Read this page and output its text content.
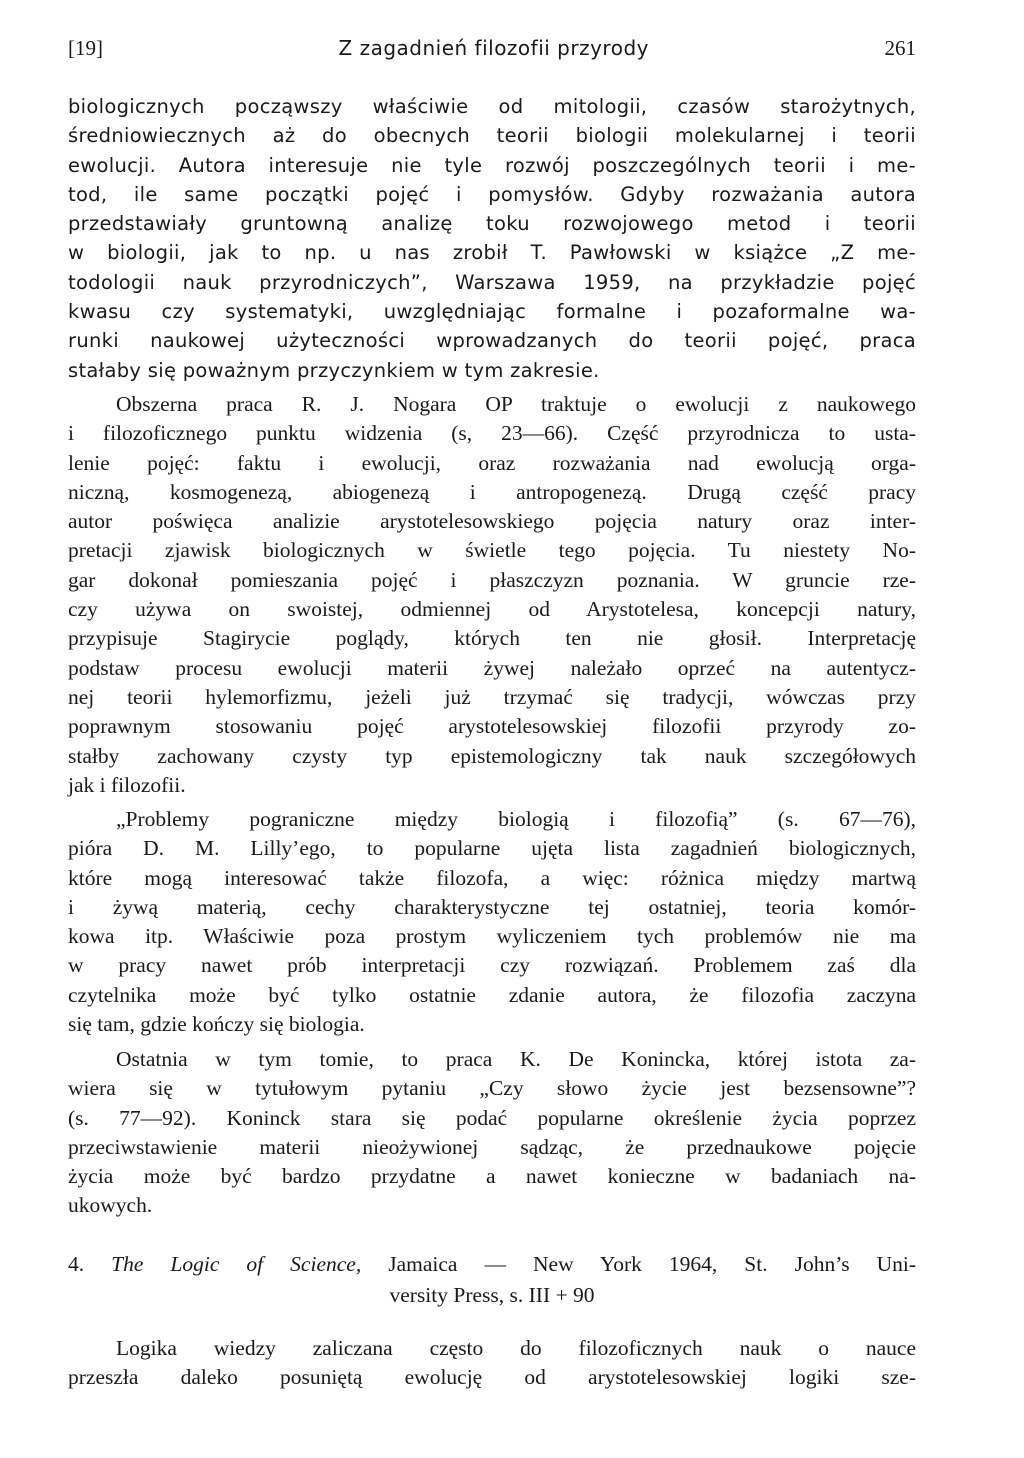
[19]	Z zagadnień filozofii przyrody	261
biologicznych począwszy właściwie od mitologii, czasów starożytnych,
średniowiecznych aż do obecnych teorii biologii molekularnej i teorii
ewolucji. Autora interesuje nie tyle rozwój poszczególnych teorii i me-
tod, ile same początki pojęć i pomysłów. Gdyby rozważania autora
przedstawiały gruntowną analizę toku rozwojowego metod i teorii
w biologii, jak to np. u nas zrobił T. Pawłowski w książce „Z me-
todologii nauk przyrodniczych”, Warszawa 1959, na przykładzie pojęć
kwasu czy systematyki, uwzględniając formalne i pozaformalne wa-
runki naukowej użyteczności wprowadzanych do teorii pojęć, praca
stałaby się poważnym przyczynkiem w tym zakresie.
Obszerna praca R. J. Nogara OP traktuje o ewolucji z naukowego
i filozoficznego punktu widzenia (s, 23—66). Część przyrodnicza to usta-
lenie pojęć: faktu i ewolucji, oraz rozważania nad ewolucją orga-
niczną, kosmogenezą, abiogenezą i antropogenezą. Drugą część pracy
autor poświęca analizie arystotelesowskiego pojęcia natury oraz inter-
pretacji zjawisk biologicznych w świetle tego pojęcia. Tu niestety No-
gar dokonał pomieszania pojęć i płaszczyzn poznania. W gruncie rze-
czy używa on swoistej, odmiennej od Arystotelesa, koncepcji natury,
przypisuje Stagirycie poglądy, których ten nie głosił. Interpretację
podstaw procesu ewolucji materii żywej należało oprzeć na autentycz-
nej teorii hylemorfizmu, jeżeli już trzymać się tradycji, wówczas przy
poprawnym stosowaniu pojęć arystotelesowskiej filozofii przyrody zo-
stałby zachowany czysty typ epistemologiczny tak nauk szczegółowych
jak i filozofii.
„Problemy pograniczne między biologią i filozofią” (s. 67—76),
pióra D. M. Lilly’ego, to popularne ujęta lista zagadnień biologicznych,
które mogą interesować także filozofa, a więc: różnica między martwą
i żywą materią, cechy charakterystyczne tej ostatniej, teoria komór-
kowa itp. Właściwie poza prostym wyliczeniem tych problemów nie ma
w pracy nawet prób interpretacji czy rozwiązań. Problemem zaś dla
czytelnika może być tylko ostatnie zdanie autora, że filozofia zaczyna
się tam, gdzie kończy się biologia.
Ostatnia w tym tomie, to praca K. De Konincka, której istota za-
wiera się w tytułowym pytaniu „Czy słowo życie jest bezsensowne”?
(s. 77—92). Koninck stara się podać popularne określenie życia poprzez
przeciwstawienie materii nieożywionej sądząc, że przednaukowe pojęcie
życia może być bardzo przydatne a nawet konieczne w badaniach na-
ukowych.
4. The Logic of Science, Jamaica — New York 1964, St. John’s Uni-
versity Press, s. III + 90
Logika wiedzy zaliczana często do filozoficznych nauk o nauce
przeszła daleko posuniętą ewolucję od arystotelesowskiej logiki sze-
